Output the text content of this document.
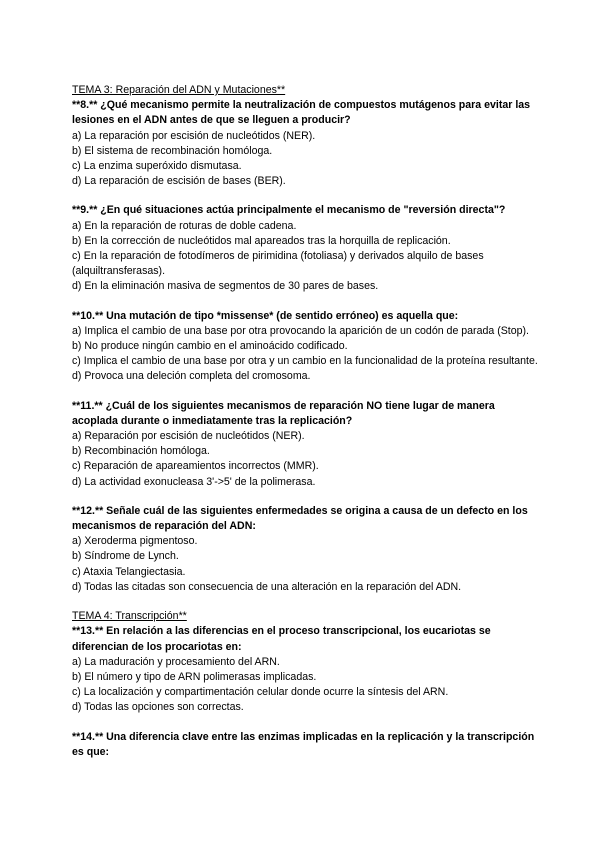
TEMA 3: Reparación del ADN y Mutaciones**
**8.** ¿Qué mecanismo permite la neutralización de compuestos mutágenos para evitar las lesiones en el ADN antes de que se lleguen a producir?
a) La reparación por escisión de nucleótidos (NER).
b) El sistema de recombinación homóloga.
c) La enzima superóxido dismutasa.
d) La reparación de escisión de bases (BER).
**9.** ¿En qué situaciones actúa principalmente el mecanismo de "reversión directa"?
a) En la reparación de roturas de doble cadena.
b) En la corrección de nucleótidos mal apareados tras la horquilla de replicación.
c) En la reparación de fotodímeros de pirimidina (fotoliasa) y derivados alquilo de bases (alquiltransferasas).
d) En la eliminación masiva de segmentos de 30 pares de bases.
**10.** Una mutación de tipo *missense* (de sentido erróneo) es aquella que:
a) Implica el cambio de una base por otra provocando la aparición de un codón de parada (Stop).
b) No produce ningún cambio en el aminoácido codificado.
c) Implica el cambio de una base por otra y un cambio en la funcionalidad de la proteína resultante.
d) Provoca una deleción completa del cromosoma.
**11.** ¿Cuál de los siguientes mecanismos de reparación NO tiene lugar de manera acoplada durante o inmediatamente tras la replicación?
a) Reparación por escisión de nucleótidos (NER).
b) Recombinación homóloga.
c) Reparación de apareamientos incorrectos (MMR).
d) La actividad exonucleasa 3'->5' de la polimerasa.
**12.** Señale cuál de las siguientes enfermedades se origina a causa de un defecto en los mecanismos de reparación del ADN:
a) Xeroderma pigmentoso.
b) Síndrome de Lynch.
c) Ataxia Telangiectasia.
d) Todas las citadas son consecuencia de una alteración en la reparación del ADN.
TEMA 4: Transcripción**
**13.** En relación a las diferencias en el proceso transcripcional, los eucariotas se diferencian de los procariotas en:
a) La maduración y procesamiento del ARN.
b) El número y tipo de ARN polimerasas implicadas.
c) La localización y compartimentación celular donde ocurre la síntesis del ARN.
d) Todas las opciones son correctas.
**14.** Una diferencia clave entre las enzimas implicadas en la replicación y la transcripción es que:
